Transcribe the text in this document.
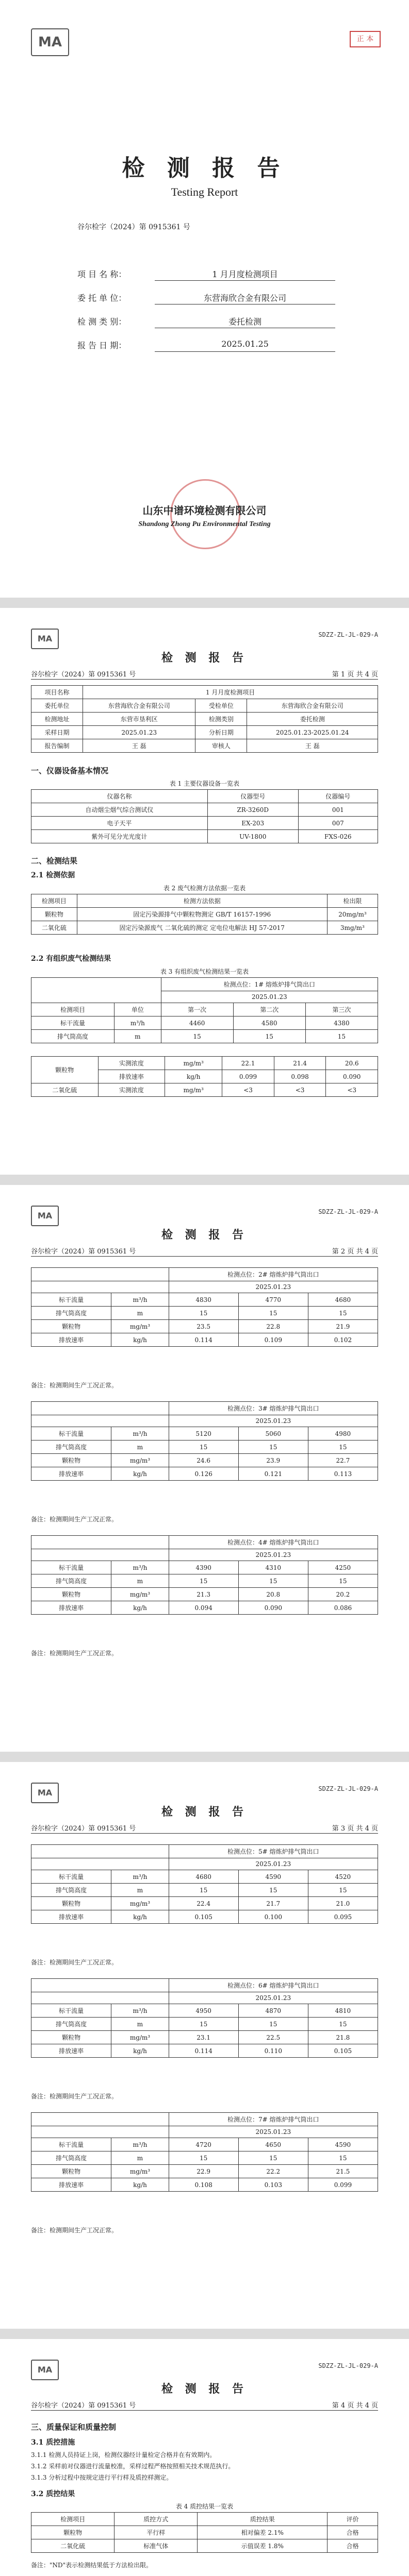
MA	正 本
检 测 报 告
Testing Report
谷尔检字（2024）第 0915361 号
项 目 名 称：	1 月月度检测项目
委 托 单 位：	东营海欣合金有限公司
检 测 类 别：	委托检测
报 告 日 期：	2025.01.25
山东中谱环境检测有限公司
Shandong Zhong Pu Environmental Testing
MA	SDZZ-ZL-JL-029-A
检 测 报 告
谷尔检字（2024）第 0915361 号	第 1 页 共 4 页
项目名称	1 月月度检测项目		
委托单位	东营海欣合金有限公司	受检单位	东营海欣合金有限公司
检测地址	东营市垦利区	检测类别	委托检测
采样日期	2025.01.23	分析日期	2025.01.23-2025.01.24
报告编制	王 磊	审核人	王 磊
一、仪器设备基本情况
表 1 主要仪器设备一览表
仪器名称	仪器型号	仪器编号
自动烟尘烟气综合测试仪	ZR-3260D	001
电子天平	EX-203	007
紫外可见分光光度计	UV-1800	FXS-026
二、检测结果
2.1 检测依据
表 2 废气检测方法依据一览表
检测项目	检测方法依据	检出限
颗粒物	固定污染源排气中颗粒物测定 GB/T 16157-1996	20mg/m³
二氧化硫	固定污染源废气 二氧化硫的测定 定电位电解法 HJ 57-2017	3mg/m³
2.2 有组织废气检测结果
表 3 有组织废气检测结果一览表
		检测点位：1# 熔炼炉排气筒出口		
		2025.01.23		
检测项目	单位	第一次	第二次	第三次
标干流量	m³/h	4460	4580	4380
排气筒高度	m	15	15	15
颗粒物	实测浓度	mg/m³	22.1	21.4	20.6
	排放速率	kg/h	0.099	0.098	0.090
二氧化硫	实测浓度	mg/m³	<3	<3	<3
MA	SDZZ-ZL-JL-029-A
检 测 报 告
谷尔检字（2024）第 0915361 号	第 2 页 共 4 页
		检测点位：2# 熔炼炉排气筒出口		
		2025.01.23		
标干流量	m³/h	4830	4770	4680
排气筒高度	m	15	15	15
颗粒物	mg/m³	23.5	22.8	21.9
排放速率	kg/h	0.114	0.109	0.102
备注：检测期间生产工况正常。
		检测点位：3# 熔炼炉排气筒出口		
		2025.01.23		
标干流量	m³/h	5120	5060	4980
排气筒高度	m	15	15	15
颗粒物	mg/m³	24.6	23.9	22.7
排放速率	kg/h	0.126	0.121	0.113
备注：检测期间生产工况正常。
		检测点位：4# 熔炼炉排气筒出口		
		2025.01.23		
标干流量	m³/h	4390	4310	4250
排气筒高度	m	15	15	15
颗粒物	mg/m³	21.3	20.8	20.2
排放速率	kg/h	0.094	0.090	0.086
备注：检测期间生产工况正常。
MA	SDZZ-ZL-JL-029-A
检 测 报 告
谷尔检字（2024）第 0915361 号	第 3 页 共 4 页
		检测点位：5# 熔炼炉排气筒出口		
		2025.01.23		
标干流量	m³/h	4680	4590	4520
排气筒高度	m	15	15	15
颗粒物	mg/m³	22.4	21.7	21.0
排放速率	kg/h	0.105	0.100	0.095
备注：检测期间生产工况正常。
		检测点位：6# 熔炼炉排气筒出口		
		2025.01.23		
标干流量	m³/h	4950	4870	4810
排气筒高度	m	15	15	15
颗粒物	mg/m³	23.1	22.5	21.8
排放速率	kg/h	0.114	0.110	0.105
备注：检测期间生产工况正常。
		检测点位：7# 熔炼炉排气筒出口		
		2025.01.23		
标干流量	m³/h	4720	4650	4590
排气筒高度	m	15	15	15
颗粒物	mg/m³	22.9	22.2	21.5
排放速率	kg/h	0.108	0.103	0.099
备注：检测期间生产工况正常。
MA	SDZZ-ZL-JL-029-A
检 测 报 告
谷尔检字（2024）第 0915361 号	第 4 页 共 4 页
三、质量保证和质量控制
3.1 质控措施
3.1.1 检测人员持证上岗，检测仪器经计量检定合格并在有效期内。
3.1.2 采样前对仪器进行流量校准，采样过程严格按照相关技术规范执行。
3.1.3 分析过程中按规定进行平行样及质控样测定。
3.2 质控结果
表 4 质控结果一览表
检测项目	质控方式	质控结果	评价
颗粒物	平行样	相对偏差 2.1%	合格
二氧化硫	标准气体	示值误差 1.8%	合格
备注："ND"表示检测结果低于方法检出限。
